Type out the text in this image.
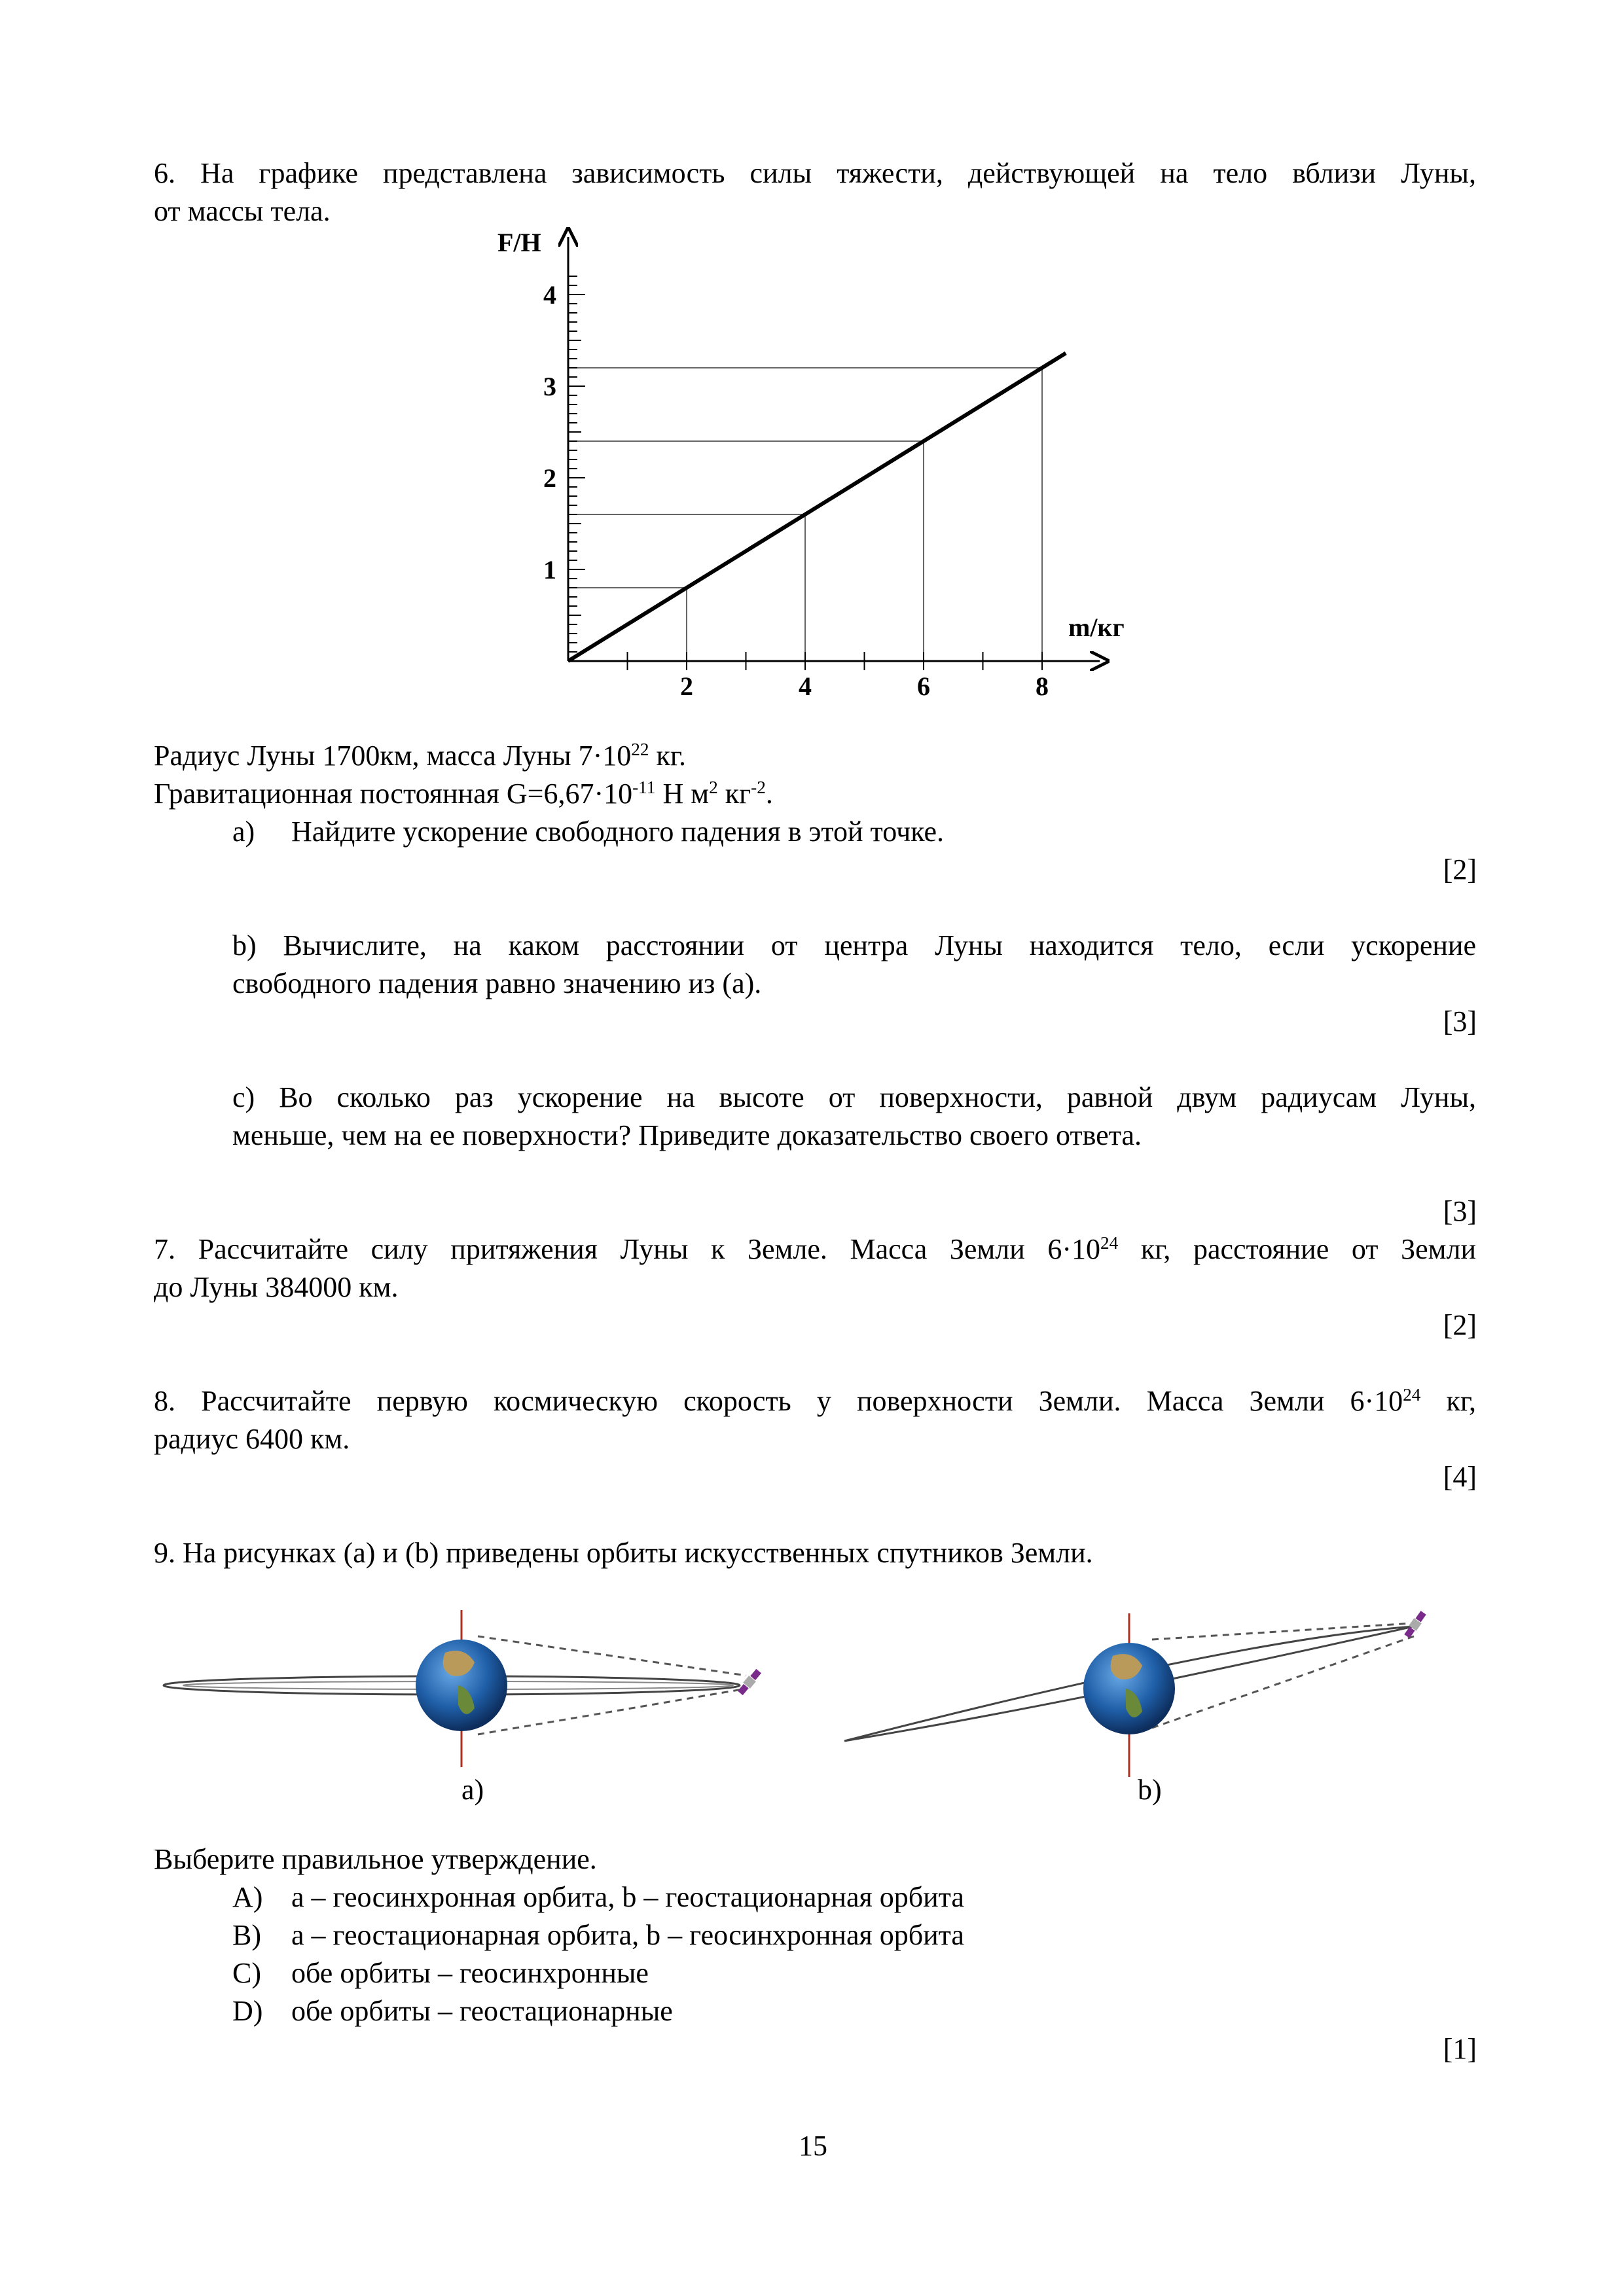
6. На графике представлена зависимость силы тяжести, действующей на тело вблизи Луны,
от массы тела.
1
2
3
4
2	4	6	8
F/H
m/кг
Радиус Луны 1700км, масса Луны $7\cdot 10^{22}$ кг.
Гравитационная постоянная $G=6,67\cdot 10^{-11}$ Н $м^2$ $кг^{-2}$.
a) Найдите ускорение свободного падения в этой точке.
[2]
b) Вычислите, на каком расстоянии от центра Луны находится тело, если ускорение
свободного падения равно значению из (a).
[3]
c) Во сколько раз ускорение на высоте от поверхности, равной двум радиусам Луны,
меньше, чем на ее поверхности? Приведите доказательство своего ответа.
[3]
7. Рассчитайте силу притяжения Луны к Земле. Масса Земли $6\cdot 10^{24}$ кг, расстояние от Земли
до Луны 384000 км.
[2]
8. Рассчитайте первую космическую скорость у поверхности Земли. Масса Земли $6\cdot 10^{24}$ кг,
радиус 6400 км.
[4]
9. На рисунках (a) и (b) приведены орбиты искусственных спутников Земли.
a)	b)
Выберите правильное утверждение.
A) a – геосинхронная орбита, b – геостационарная орбита
B) a – геостационарная орбита, b – геосинхронная орбита
C) обе орбиты – геосинхронные
D) обе орбиты – геостационарные
[1]
15
